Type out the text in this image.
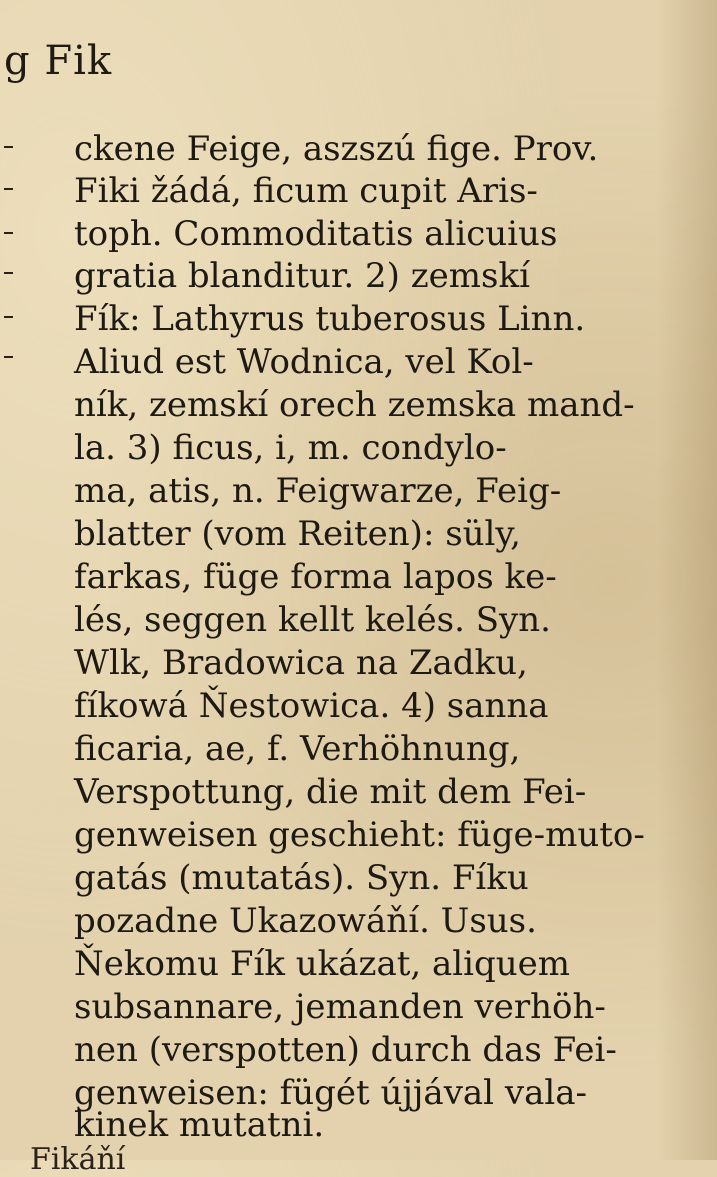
g Fik
ckene Feige, aszszú fige. Prov.
Fiki žádá, ficum cupit Aris-
toph. Commoditatis alicuius
gratia blanditur. 2) zemskí
Fík: Lathyrus tuberosus Linn.
Aliud est Wodnica, vel Kol-
ník, zemskí orech zemska mand-
la. 3) ficus, i, m. condylo-
ma, atis, n. Feigwarze, Feig-
blatter (vom Reiten): süly,
farkas, füge forma lapos ke-
lés, seggen kellt kelés. Syn.
Wlk, Bradowica na Zadku,
fíkowá Ňestowica. 4) sanna
ficaria, ae, f. Verhöhnung,
Verspottung, die mit dem Fei-
genweisen geschieht: füge-muto-
gatás (mutatás). Syn. Fíku
pozadne Ukazowáňí. Usus.
Ňekomu Fík ukázat, aliquem
subsannare, jemanden verhöh-
nen (verspotten) durch das Fei-
genweisen: fügét újjával vala-
kinek mutatni.
Fikáňí
